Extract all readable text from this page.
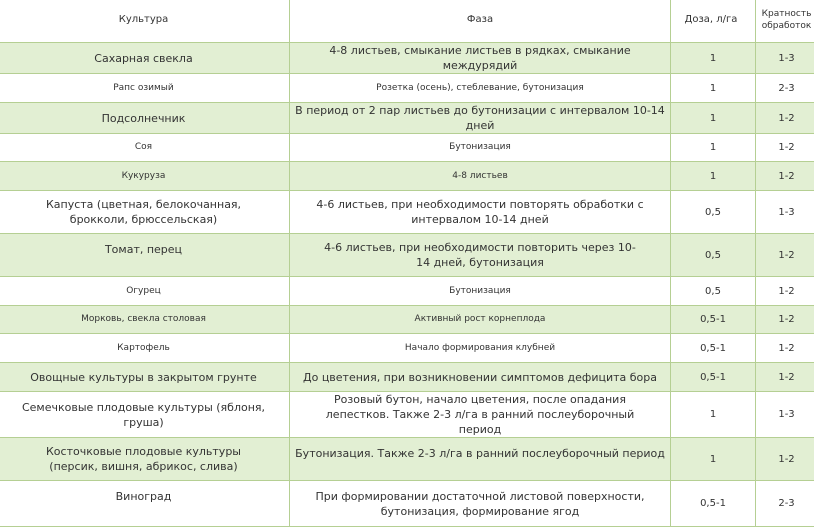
Культура	Фаза	Доза, л/га	Кратность обработок
Сахарная свекла	4-8 листьев, смыкание листьев в рядках, смыкание междурядий	1	1-3
Рапс озимый	Розетка (осень), стеблевание, бутонизация	1	2-3
Подсолнечник	В период от 2 пар листьев до бутонизации с интервалом 10-14 дней	1	1-2
Соя	Бутонизация	1	1-2
Кукуруза	4-8 листьев	1	1-2
Капуста (цветная, белокочанная, брокколи, брюссельская)	4-6 листьев, при необходимости повторять обработки с интервалом 10-14 дней	0,5	1-3
Томат, перец	4-6 листьев, при необходимости повторить через 10-14 дней, бутонизация	0,5	1-2
Огурец	Бутонизация	0,5	1-2
Морковь, свекла столовая	Активный рост корнеплода	0,5-1	1-2
Картофель	Начало формирования клубней	0,5-1	1-2
Овощные культуры в закрытом грунте	До цветения, при возникновении симптомов дефицита бора	0,5-1	1-2
Семечковые плодовые культуры (яблоня, груша)	Розовый бутон, начало цветения, после опадания лепестков. Также 2-3 л/га в ранний послеуборочный период	1	1-3
Косточковые плодовые культуры (персик, вишня, абрикос, слива)	Бутонизация. Также 2-3 л/га в ранний послеуборочный период	1	1-2
Виноград	При формировании достаточной листовой поверхности, бутонизация, формирование ягод	0,5-1	2-3
